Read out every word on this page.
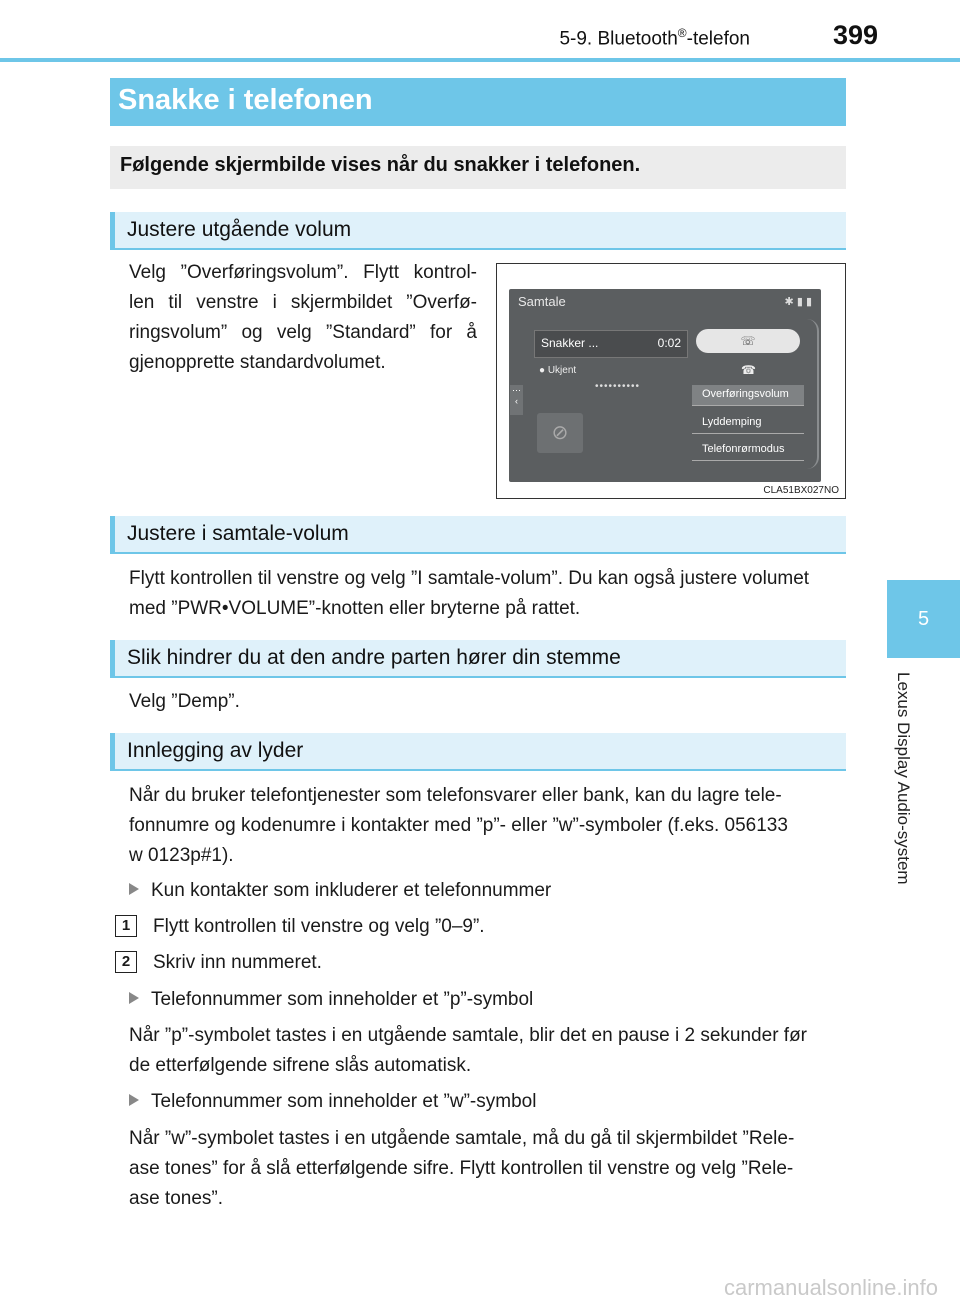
5-9. Bluetooth®-telefon	399
5
Lexus Display Audio-system
Snakke i telefonen
Følgende skjermbilde vises når du snakker i telefonen.
Justere utgående volum
Velg ”Overføringsvolum”. Flytt kontrol-
len til venstre i skjermbildet ”Overfø-
ringsvolum” og velg ”Standard” for å
gjenopprette standardvolumet.
Samtale	✱ ▮ ▮
Snakker ...	0:02
● Ukjent
••••••••••
⋯
‹
⊘
☏
☎
Overføringsvolum
Lyddemping
Telefonrørmodus
CLA51BX027NO
Justere i samtale-volum
Flytt kontrollen til venstre og velg ”I samtale-volum”. Du kan også justere volumet
med ”PWR•VOLUME”-knotten eller bryterne på rattet.
Slik hindrer du at den andre parten hører din stemme
Velg ”Demp”.
Innlegging av lyder
Når du bruker telefontjenester som telefonsvarer eller bank, kan du lagre tele-
fonnumre og kodenumre i kontakter med ”p”- eller ”w”-symboler (f.eks. 056133
w 0123p#1).
Kun kontakter som inkluderer et telefonnummer
1	Flytt kontrollen til venstre og velg ”0–9”.
2	Skriv inn nummeret.
Telefonnummer som inneholder et ”p”-symbol
Når ”p”-symbolet tastes i en utgående samtale, blir det en pause i 2 sekunder før
de etterfølgende sifrene slås automatisk.
Telefonnummer som inneholder et ”w”-symbol
Når ”w”-symbolet tastes i en utgående samtale, må du gå til skjermbildet ”Rele-
ase tones” for å slå etterfølgende sifre. Flytt kontrollen til venstre og velg ”Rele-
ase tones”.
carmanualsonline.info
